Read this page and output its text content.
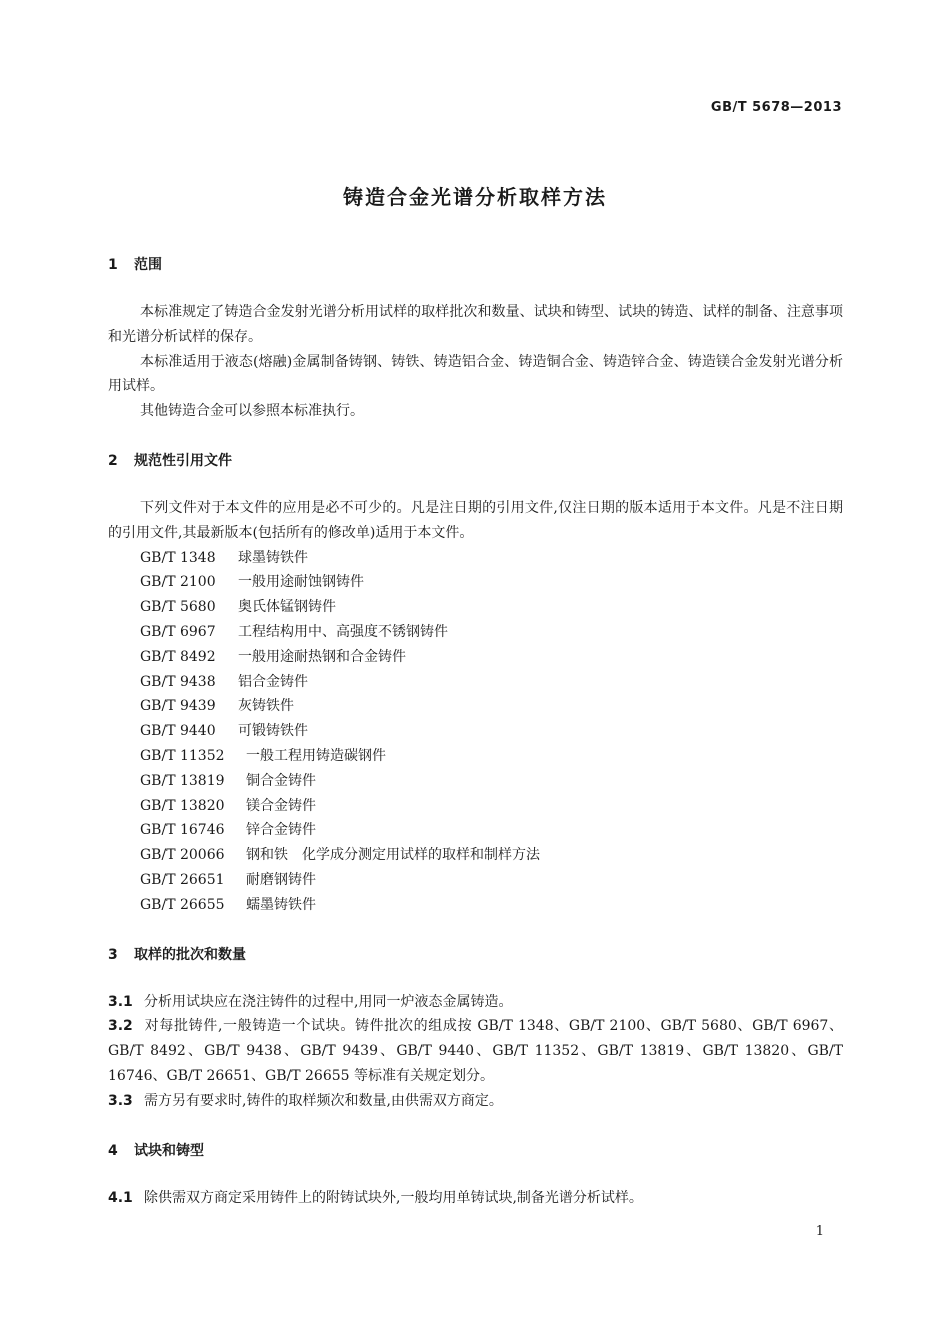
GB/T 5678—2013
铸造合金光谱分析取样方法
1 范围

本标准规定了铸造合金发射光谱分析用试样的取样批次和数量、试块和铸型、试块的铸造、试样的制备、注意事项和光谱分析试样的保存。

本标准适用于液态(熔融)金属制备铸钢、铸铁、铸造铝合金、铸造铜合金、铸造锌合金、铸造镁合金发射光谱分析用试样。

其他铸造合金可以参照本标准执行。

2 规范性引用文件

下列文件对于本文件的应用是必不可少的。凡是注日期的引用文件,仅注日期的版本适用于本文件。凡是不注日期的引用文件,其最新版本(包括所有的修改单)适用于本文件。

GB/T 1348 球墨铸铁件
GB/T 2100 一般用途耐蚀钢铸件
GB/T 5680 奥氏体锰钢铸件
GB/T 6967 工程结构用中、高强度不锈钢铸件
GB/T 8492 一般用途耐热钢和合金铸件
GB/T 9438 铝合金铸件
GB/T 9439 灰铸铁件
GB/T 9440 可锻铸铁件
GB/T 11352 一般工程用铸造碳钢件
GB/T 13819 铜合金铸件
GB/T 13820 镁合金铸件
GB/T 16746 锌合金铸件
GB/T 20066 钢和铁　化学成分测定用试样的取样和制样方法
GB/T 26651 耐磨钢铸件
GB/T 26655 蠕墨铸铁件
3 取样的批次和数量

3.1 分析用试块应在浇注铸件的过程中,用同一炉液态金属铸造。

3.2 对每批铸件,一般铸造一个试块。铸件批次的组成按 GB/T 1348、GB/T 2100、GB/T 5680、GB/T 6967、GB/T 8492、GB/T 9438、GB/T 9439、GB/T 9440、GB/T 11352、GB/T 13819、GB/T 13820、GB/T 16746、GB/T 26651、GB/T 26655 等标准有关规定划分。

3.3 需方另有要求时,铸件的取样频次和数量,由供需双方商定。

4 试块和铸型

4.1 除供需双方商定采用铸件上的附铸试块外,一般均用单铸试块,制备光谱分析试样。

1
